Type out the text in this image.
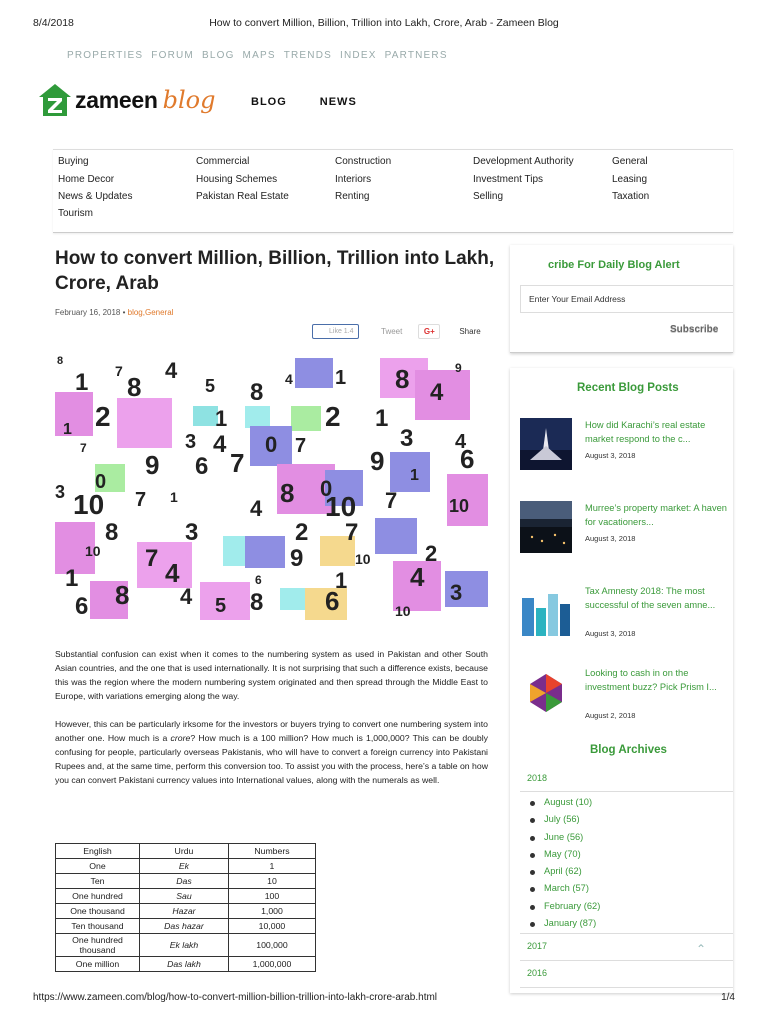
8/4/2018	How to convert Million, Billion, Trillion into Lakh, Crore, Arab - Zameen Blog
PROPERTIES FORUM BLOG MAPS TRENDS INDEX PARTNERS
zameen blog	BLOG	NEWS
Buying
Home Decor
News & Updates
Tourism
Commercial
Housing Schemes
Pakistan Real Estate
Construction
Interiors
Renting
Development Authority
Investment Tips
Selling
General
Leasing
Taxation
How to convert Million, Billion, Trillion into Lakh, Crore, Arab
February 16, 2018 • blog,General
Like 1.4	Tweet	G+	Share
8
7 4	4 1	9
1 8	5 8	8 4
1 2	1	2 1
3 4
7	3 4 0 7
9 6 7	9
0	8 0
1
6
3 10 7 1	4 10 7	10
8	3	2 7
10 7	9	10 2
4	6	1 4
1
8 4 8 6	3
6	5	10

Substantial confusion can exist when it comes to the numbering system as used in Pakistan and other South Asian countries, and the one that is used internationally. It is not surprising that such a difference exists, because this was the region where the modern numbering system originated and then spread through the Middle East to Europe, with variations emerging along the way.

However, this can be particularly irksome for the investors or buyers trying to convert one numbering system into another one. How much is a crore? How much is a 100 million? How much is 1,000,000? This can be doubly confusing for people, particularly overseas Pakistanis, who will have to convert a foreign currency into Pakistani Rupees and, at the same time, perform this conversion too. To assist you with the process, here’s a table on how you can convert Pakistani currency values into International values, along with the numerals as well.

English	Urdu	Numbers
One	Ek	1
Ten	Das	10
One hundred	Sau	100
One thousand	Hazar	1,000
Ten thousand	Das hazar	10,000
One hundred thousand	Ek lakh	100,000
One million	Das lakh	1,000,000
cribe For Daily Blog Alert
Enter Your Email Address
Subscribe
Recent Blog Posts
How did Karachi’s real estate market respond to the c...
August 3, 2018
Murree’s property market: A haven for vacationers...
August 3, 2018
Tax Amnesty 2018: The most successful of the seven amne...
August 3, 2018
Looking to cash in on the investment buzz? Pick Prism I...
August 2, 2018
Blog Archives
2018
August (10)
July (56)
June (56)
May (70)
April (62)
March (57)
February (62)
January (87)
2017	⌃
2016
https://www.zameen.com/blog/how-to-convert-million-billion-trillion-into-lakh-crore-arab.html	1/4
